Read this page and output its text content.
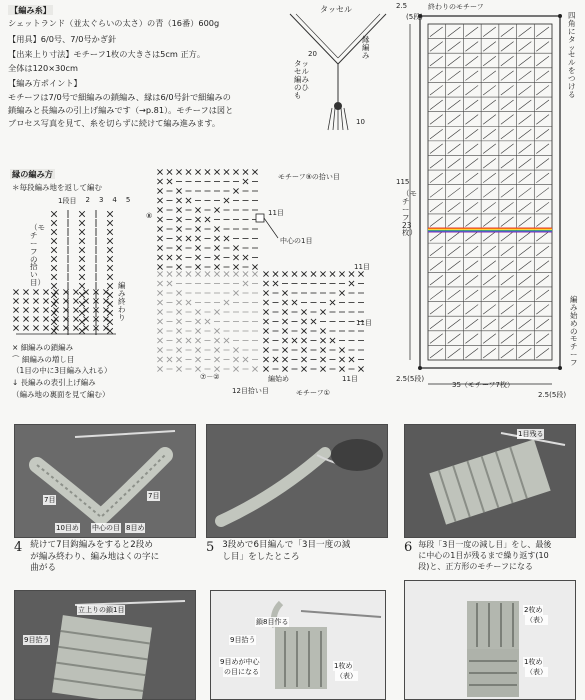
【編み糸】
シェットランド（並太ぐらいの太さ）の青（16番）600g
【用具】6/0号、7/0号かぎ針
【出来上り寸法】モチーフ1枚の大きさは5cm 正方。
全体は120×30cm
【編み方ポイント】
モチーフは7/0号で細編みの鎖編み、縁は6/0号針で細編みの
鎖編みと長編みの引上げ編みです（→p.81）。モチーフは図と
プロセス写真を見て、糸を切らずに続けて編み進みます。
タッセル
20
タッセル編みのひも
縁編み
10
縁の編み方
＊毎段編み地を返して編む
1段目 2 3 4 5
（モチーフの拾い目）	編み終わり
× 細編みの鎖編み
⌒ 細編みの増し目
（1目の中に3目編み入れる）
↓ 長編みの表引上げ編み
（編み地の裏面を見て編む）
⑧
モチーフ⑨の拾い目
11目
中心の1目
11目
11目
⑦－②
12目拾い目
編始め
モチーフ①
11目
2.5
(5段)
終わりのモチーフ
四角にタッセルをつける
115
（モチーフ23枚）
編み始めのモチーフ
2.5(5段)
35（モチーフ7枚）
2.5(5段)
7目	7目
10目め 中心の目 8目め
1目残る
4 続けて7目鈎編みをすると2段め
が編み終わり、編み地はくの字に
曲がる
5 3段めで6目編んで「3目一度の減
し目」をしたところ
6 毎段「3目一度の減し目」をし、最後
に中心の1目が残るまで繰り返す(10
段)と、正方形のモチーフになる
立上りの鎖1目
9目拾う
鎖8目作る
9目拾う
9目めが中心
の目になる
1枚め
（表）
2枚め
（表）
1枚め
（表）
